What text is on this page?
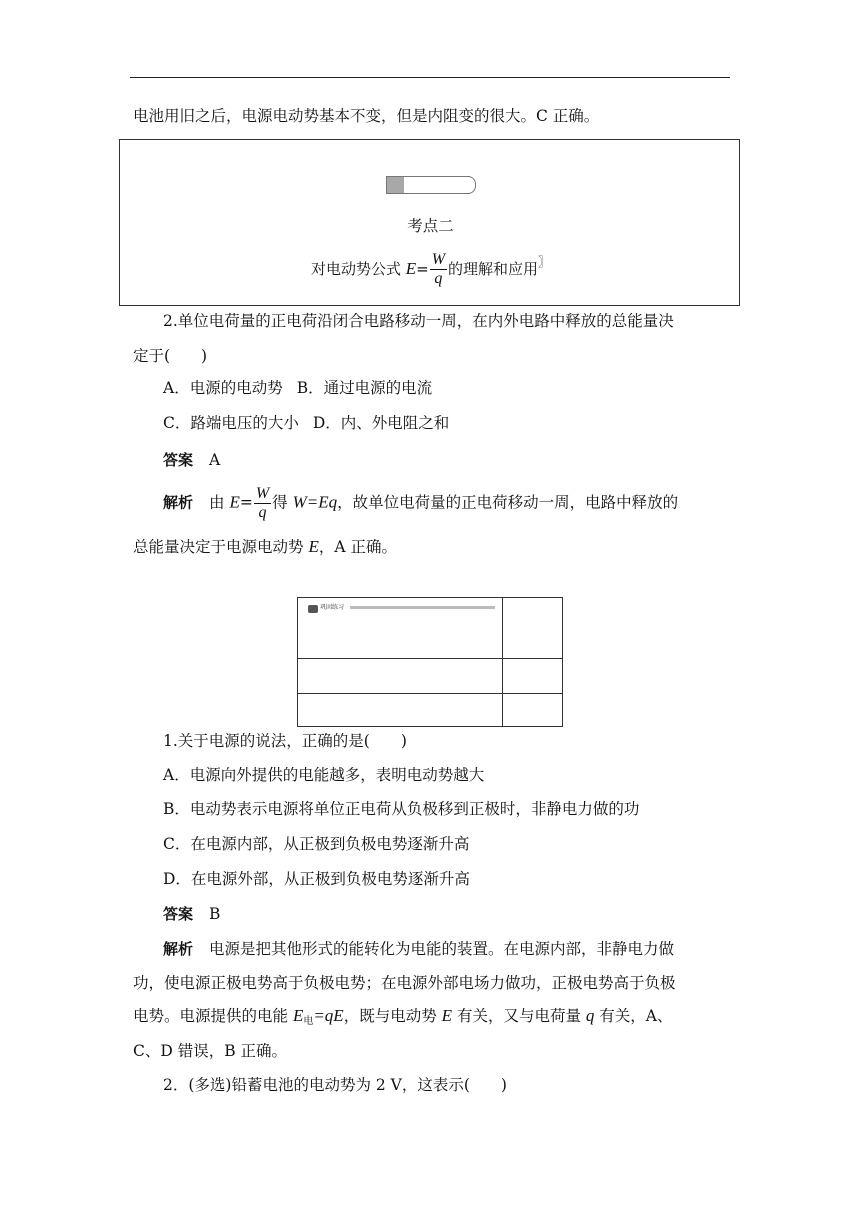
电池用旧之后，电源电动势基本不变，但是内阻变的很大。C 正确。
考点二
对电动势公式 $E= \frac{W}{q}$ 的理解和应用〗
2.单位电荷量的正电荷沿闭合电路移动一周，在内外电路中释放的总能量决
定于(　　)
A．电源的电动势 B．通过电源的电流
C．路端电压的大小 D．内、外电阻之和
答案 A
解析 由 $E= \frac{W}{q}$ 得 W=Eq，故单位电荷量的正电荷移动一周，电路中释放的
总能量决定于电源电动势 E，A 正确。
巩固练习
1.关于电源的说法，正确的是(　　)
A．电源向外提供的电能越多，表明电动势越大
B．电动势表示电源将单位正电荷从负极移到正极时，非静电力做的功
C．在电源内部，从正极到负极电势逐渐升高
D．在电源外部，从正极到负极电势逐渐升高
答案 B
解析 电源是把其他形式的能转化为电能的装置。在电源内部，非静电力做
功，使电源正极电势高于负极电势；在电源外部电场力做功，正极电势高于负极
电势。电源提供的电能 $E_电=qE$，既与电动势 E 有关，又与电荷量 q 有关，A、
C、D 错误，B 正确。
2．(多选)铅蓄电池的电动势为 2 V，这表示(　　)
